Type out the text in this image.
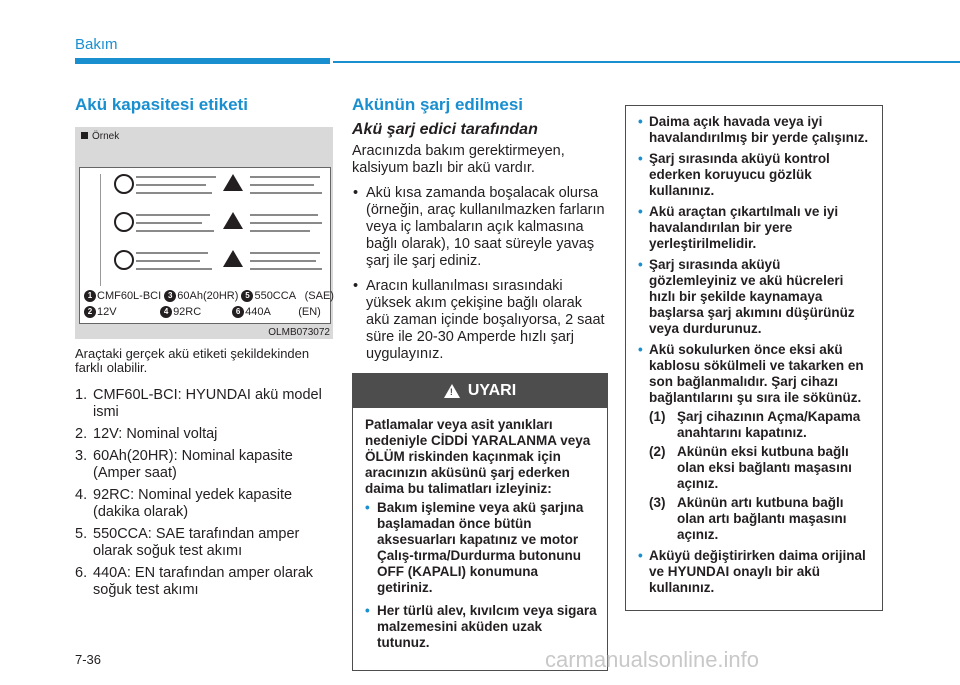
Bakım
Akü kapasitesi etiketi
Örnek
1 CMF60L-BCI 3 60Ah(20HR) 5 550CCA (SAE)
2 12V	4 92RC	6 440A (EN)
OLMB073072
Araçtaki gerçek akü etiketi şekildekinden farklı olabilir.
1. CMF60L-BCI: HYUNDAI akü model ismi
2. 12V: Nominal voltaj
3. 60Ah(20HR): Nominal kapasite (Amper saat)
4. 92RC: Nominal yedek kapasite (dakika olarak)
5. 550CCA: SAE tarafından amper olarak soğuk test akımı
6. 440A: EN tarafından amper olarak soğuk test akımı
Akünün şarj edilmesi
Akü şarj edici tarafından
Aracınızda bakım gerektirmeyen, kalsiyum bazlı bir akü vardır.
• Akü kısa zamanda boşalacak olursa (örneğin, araç kullanılmazken farların veya iç lambaların açık kalmasına bağlı olarak), 10 saat süreyle yavaş şarj ile şarj ediniz.
• Aracın kullanılması sırasındaki yüksek akım çekişine bağlı olarak akü zaman içinde boşalıyorsa, 2 saat süre ile 20-30 Amperde hızlı şarj uygulayınız.
! UYARI
Patlamalar veya asit yanıkları nedeniyle CİDDİ YARALANMA veya ÖLÜM riskinden kaçınmak için aracınızın aküsünü şarj ederken daima bu talimatları izleyiniz:
• Bakım işlemine veya akü şarjına başlamadan önce bütün aksesuarları kapatınız ve motor Çalış-tırma/Durdurma butonunu OFF (KAPALI) konumuna getiriniz.
• Her türlü alev, kıvılcım veya sigara malzemesini aküden uzak tutunuz.
• Daima açık havada veya iyi havalandırılmış bir yerde çalışınız.
• Şarj sırasında aküyü kontrol ederken koruyucu gözlük kullanınız.
• Akü araçtan çıkartılmalı ve iyi havalandırılan bir yere yerleştirilmelidir.
• Şarj sırasında aküyü gözlemleyiniz ve akü hücreleri hızlı bir şekilde kaynamaya başlarsa şarj akımını düşürünüz veya durdurunuz.
• Akü sokulurken önce eksi akü kablosu sökülmeli ve takarken en son bağlanmalıdır. Şarj cihazı bağlantılarını şu sıra ile sökünüz.
(1) Şarj cihazının Açma/Kapama anahtarını kapatınız.
(2) Akünün eksi kutbuna bağlı olan eksi bağlantı maşasını açınız.
(3) Akünün artı kutbuna bağlı olan artı bağlantı maşasını açınız.
• Aküyü değiştirirken daima orijinal ve HYUNDAI onaylı bir akü kullanınız.
7-36	carmanualsonline.info
